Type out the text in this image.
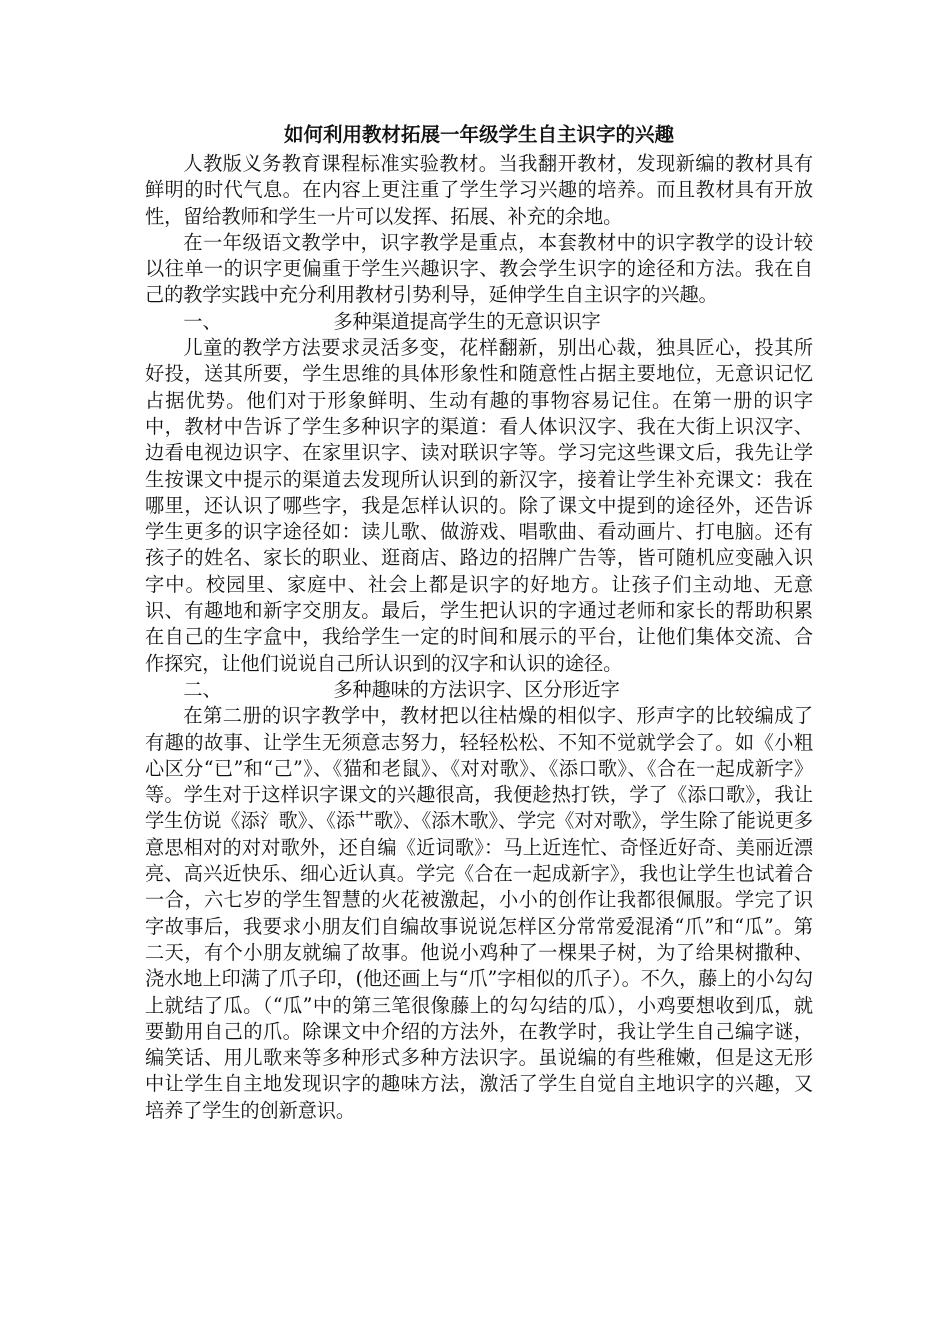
如何利用教材拓展一年级学生自主识字的兴趣

人教版义务教育课程标准实验教材。当我翻开教材，发现新编的教材具有鲜明的时代气息。在内容上更注重了学生学习兴趣的培养。而且教材具有开放性，留给教师和学生一片可以发挥、拓展、补充的余地。

在一年级语文教学中，识字教学是重点，本套教材中的识字教学的设计较以往单一的识字更偏重于学生兴趣识字、教会学生识字的途径和方法。我在自己的教学实践中充分利用教材引势利导，延伸学生自主识字的兴趣。

一、	多种渠道提高学生的无意识识字

儿童的教学方法要求灵活多变，花样翻新，别出心裁，独具匠心，投其所好投，送其所要，学生思维的具体形象性和随意性占据主要地位，无意识记忆占据优势。他们对于形象鲜明、生动有趣的事物容易记住。在第一册的识字中，教材中告诉了学生多种识字的渠道：看人体识汉字、我在大街上识汉字、边看电视边识字、在家里识字、读对联识字等。学习完这些课文后，我先让学生按课文中提示的渠道去发现所认识到的新汉字，接着让学生补充课文：我在哪里，还认识了哪些字，我是怎样认识的。除了课文中提到的途径外，还告诉学生更多的识字途径如：读儿歌、做游戏、唱歌曲、看动画片、打电脑。还有孩子的姓名、家长的职业、逛商店、路边的招牌广告等，皆可随机应变融入识字中。校园里、家庭中、社会上都是识字的好地方。让孩子们主动地、无意识、有趣地和新字交朋友。最后，学生把认识的字通过老师和家长的帮助积累在自己的生字盒中，我给学生一定的时间和展示的平台，让他们集体交流、合作探究，让他们说说自己所认识到的汉字和认识的途径。

二、	多种趣味的方法识字、区分形近字

在第二册的识字教学中，教材把以往枯燥的相似字、形声字的比较编成了有趣的故事、让学生无须意志努力，轻轻松松、不知不觉就学会了。如《小粗心区分“已”和“己”》、《猫和老鼠》、《对对歌》、《添口歌》、《合在一起成新字》等。学生对于这样识字课文的兴趣很高，我便趁热打铁，学了《添口歌》，我让学生仿说《添氵歌》、《添艹歌》、《添木歌》、学完《对对歌》，学生除了能说更多意思相对的对对歌外，还自编《近词歌》：马上近连忙、奇怪近好奇、美丽近漂亮、高兴近快乐、细心近认真。学完《合在一起成新字》，我也让学生也试着合一合，六七岁的学生智慧的火花被激起，小小的创作让我都很佩服。学完了识字故事后，我要求小朋友们自编故事说说怎样区分常常爱混淆“爪”和“瓜”。第二天，有个小朋友就编了故事。他说小鸡种了一棵果子树，为了给果树撒种、浇水地上印满了爪子印，(他还画上与“爪”字相似的爪子）。不久，藤上的小勾勾上就结了瓜。（“瓜”中的第三笔很像藤上的勾勾结的瓜），小鸡要想收到瓜，就要勤用自己的爪。除课文中介绍的方法外，在教学时，我让学生自己编字谜，编笑话、用儿歌来等多种形式多种方法识字。虽说编的有些稚嫩，但是这无形中让学生自主地发现识字的趣味方法，激活了学生自觉自主地识字的兴趣，又培养了学生的创新意识。
